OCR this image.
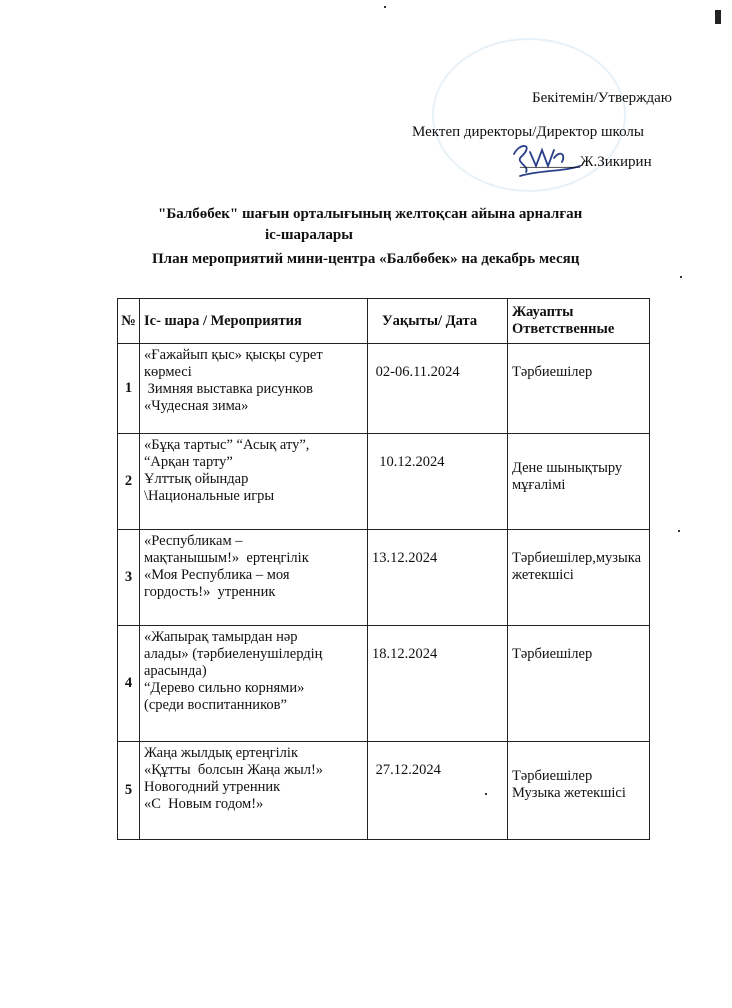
Бекітемін/Утверждаю
Мектеп директоры/Директор школы
________Ж.Зикирин
"Балбөбек" шағын орталығының желтоқсан айына арналған
іс-шаралары
План мероприятий мини-центра «Балбөбек» на декабрь месяц
№	Іс- шара / Мероприятия	Уақыты/ Дата	Жауапты Ответственные
1	«Ғажайып қыс» қысқы сурет
көрмесі
Зимняя выставка рисунков
«Чудесная зима»	02-06.11.2024	Тәрбиешілер

2	«Бұқа тартыс” “Асық ату”,
“Арқан тарту”
Ұлттық ойындар
\Национальные игры	10.12.2024	Дене шынықтыру
мұғалімі

3	«Республикам –
мақтанышым!»  ертеңгілік
«Моя Республика – моя
гордость!»  утренник	13.12.2024	Тәрбиешілер,музыка
жетекшісі

4	«Жапырақ тамырдан нәр
алады» (тәрбиеленушілердің
арасында)
“Дерево сильно корнями»
(среди воспитанников”	18.12.2024	Тәрбиешілер

5	Жаңа жылдық ертеңгілік
«Құтты  болсын Жаңа жыл!»
Новогодний утренник
«С  Новым годом!»	27.12.2024	Тәрбиешілер
Музыка жетекшісі
